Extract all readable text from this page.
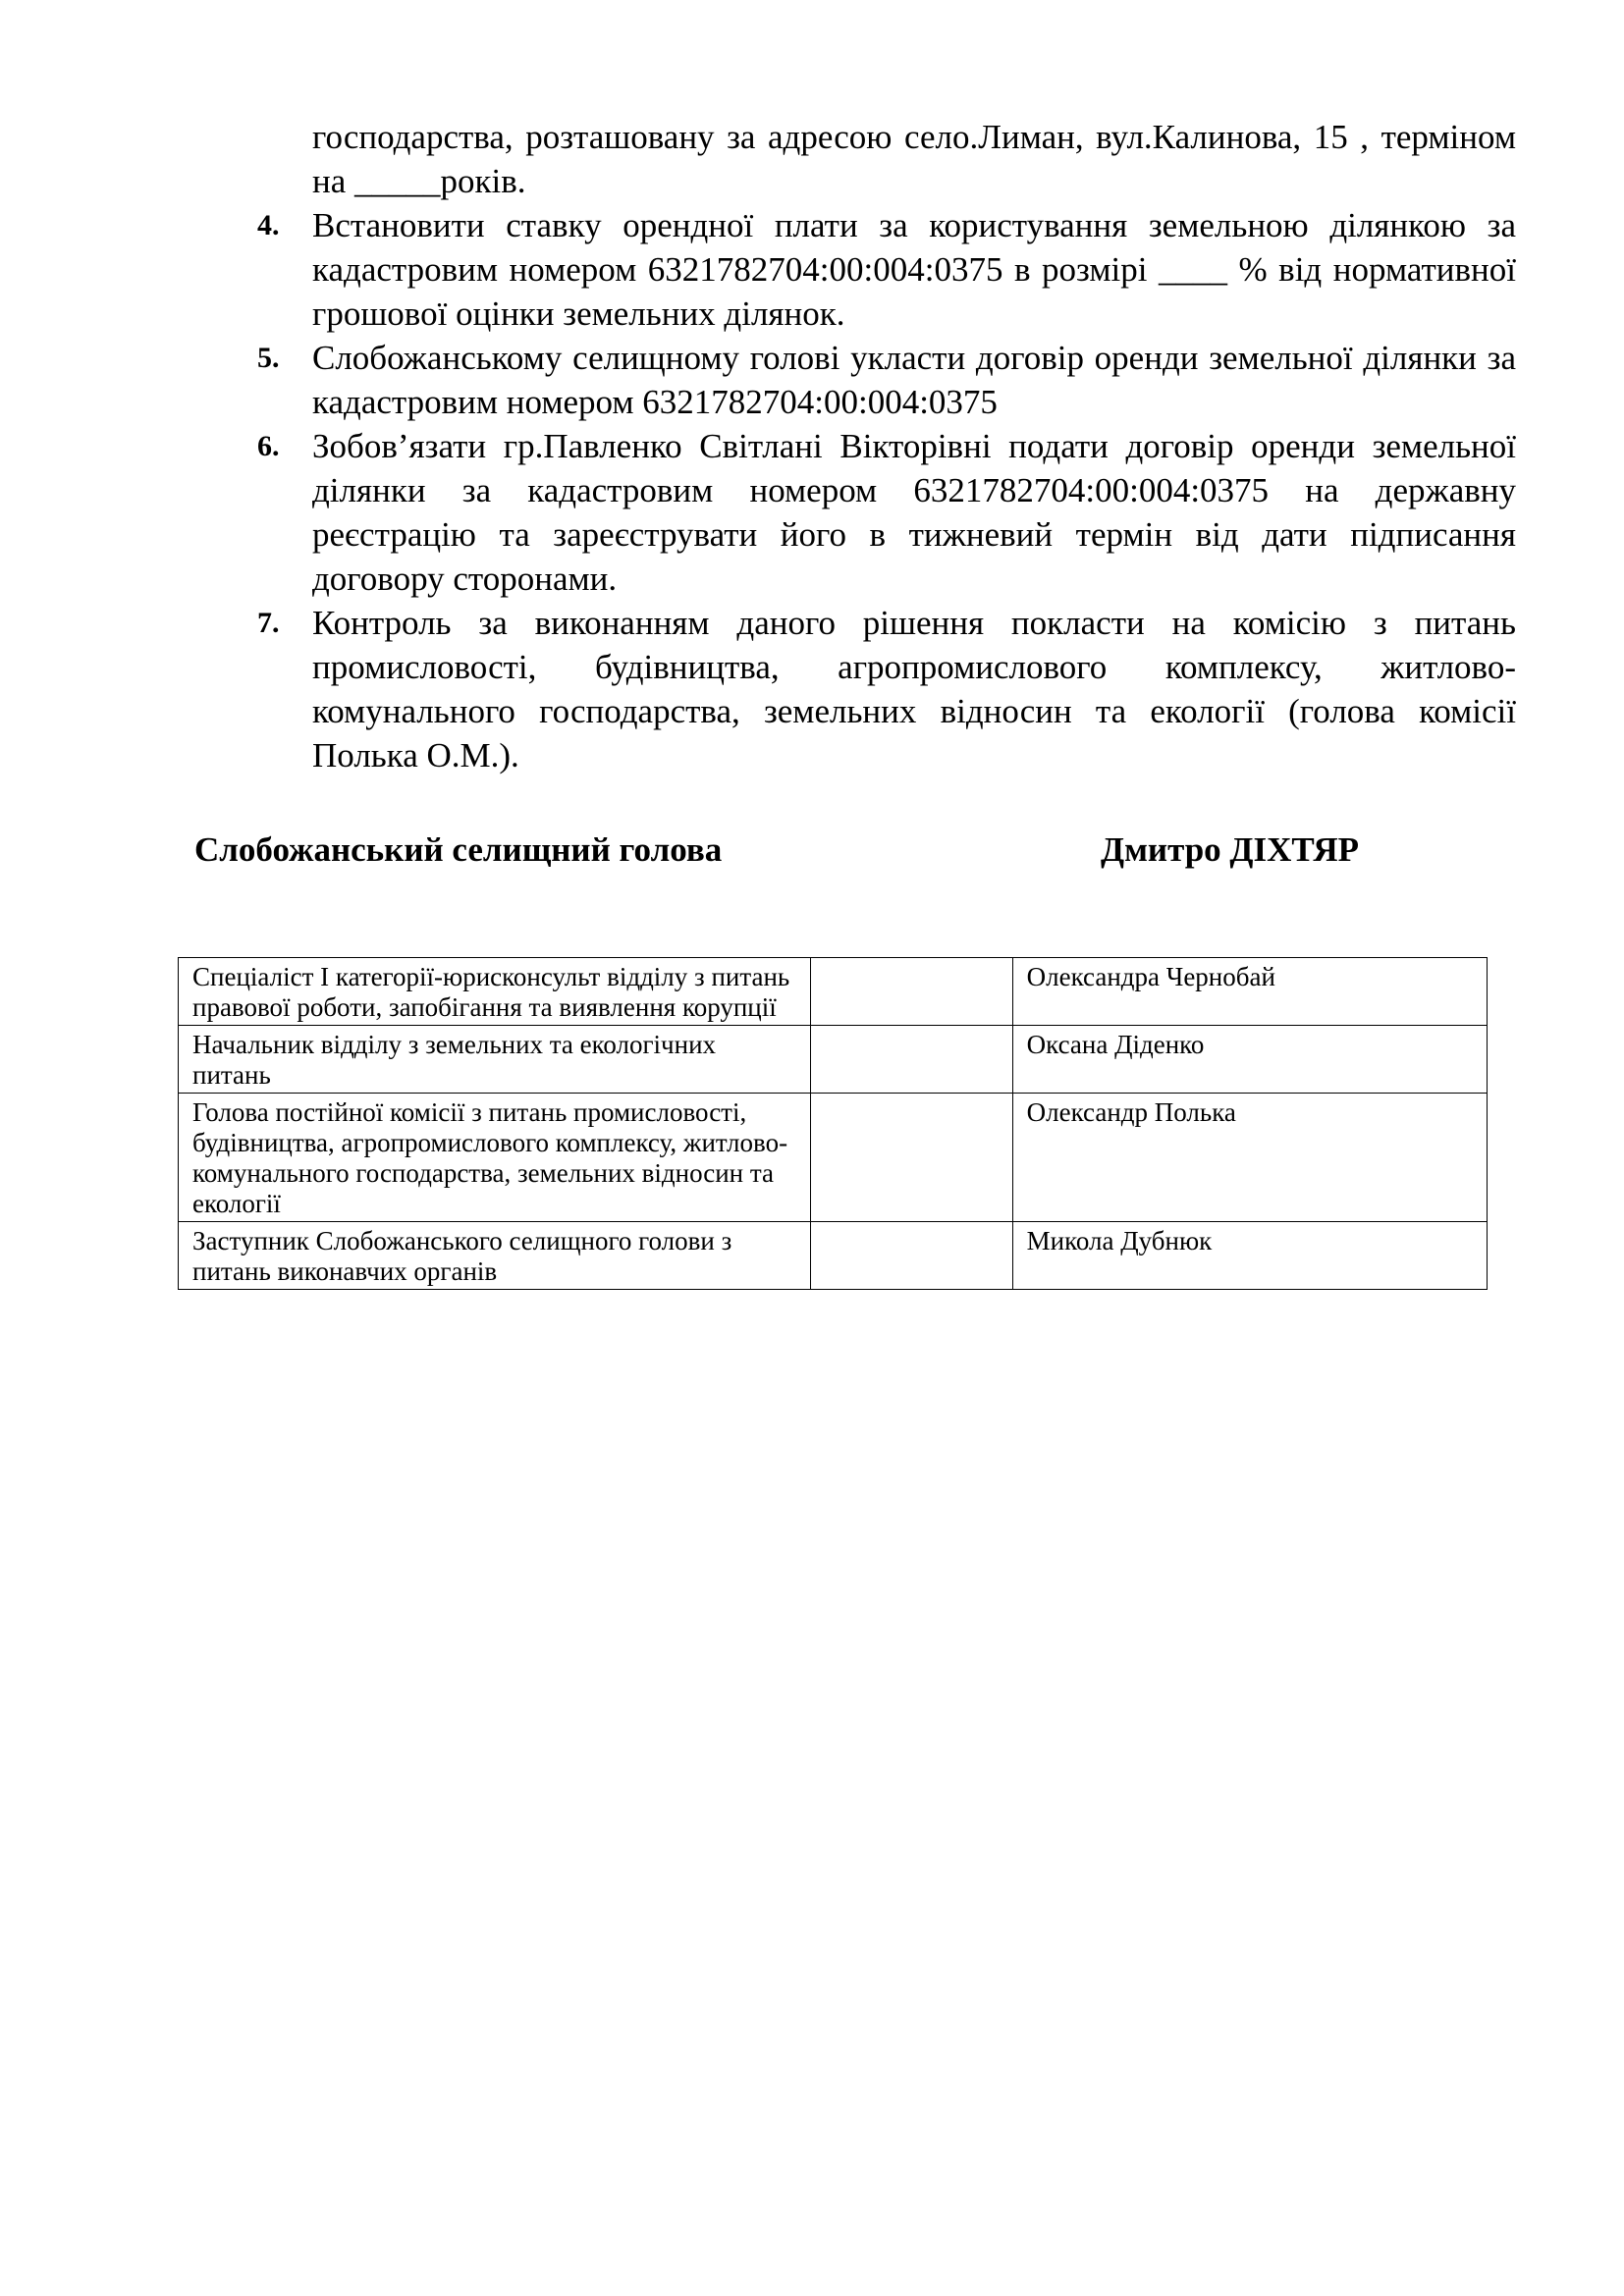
господарства, розташовану за адресою село.Лиман, вул.Калинова, 15 , терміном на _____років.
4. Встановити ставку орендної плати за користування земельною ділянкою за кадастровим номером 6321782704:00:004:0375 в розмірі ____ % від нормативної грошової оцінки земельних ділянок.
5. Слобожанському селищному голові укласти договір оренди земельної ділянки за кадастровим номером 6321782704:00:004:0375
6. Зобов’язати гр.Павленко Світлані Вікторівні подати договір оренди земельної ділянки за кадастровим номером 6321782704:00:004:0375 на державну реєстрацію та зареєструвати його в тижневий термін від дати підписання договору сторонами.
7. Контроль за виконанням даного рішення покласти на комісію з питань промисловості, будівництва, агропромислового комплексу, житлово-комунального господарства, земельних відносин та екології (голова комісії Полька О.М.).
Слобожанський селищний голова	Дмитро ДІХТЯР
Спеціаліст І категорії-юрисконсульт відділу з питань правової роботи, запобігання та виявлення корупції		Олександра Чернобай
Начальник відділу з земельних та екологічних питань		Оксана Діденко
Голова постійної комісії з питань промисловості, будівництва, агропромислового комплексу, житлово-комунального господарства, земельних відносин та екології		Олександр Полька
Заступник Слобожанського селищного голови з питань виконавчих органів		Микола Дубнюк
